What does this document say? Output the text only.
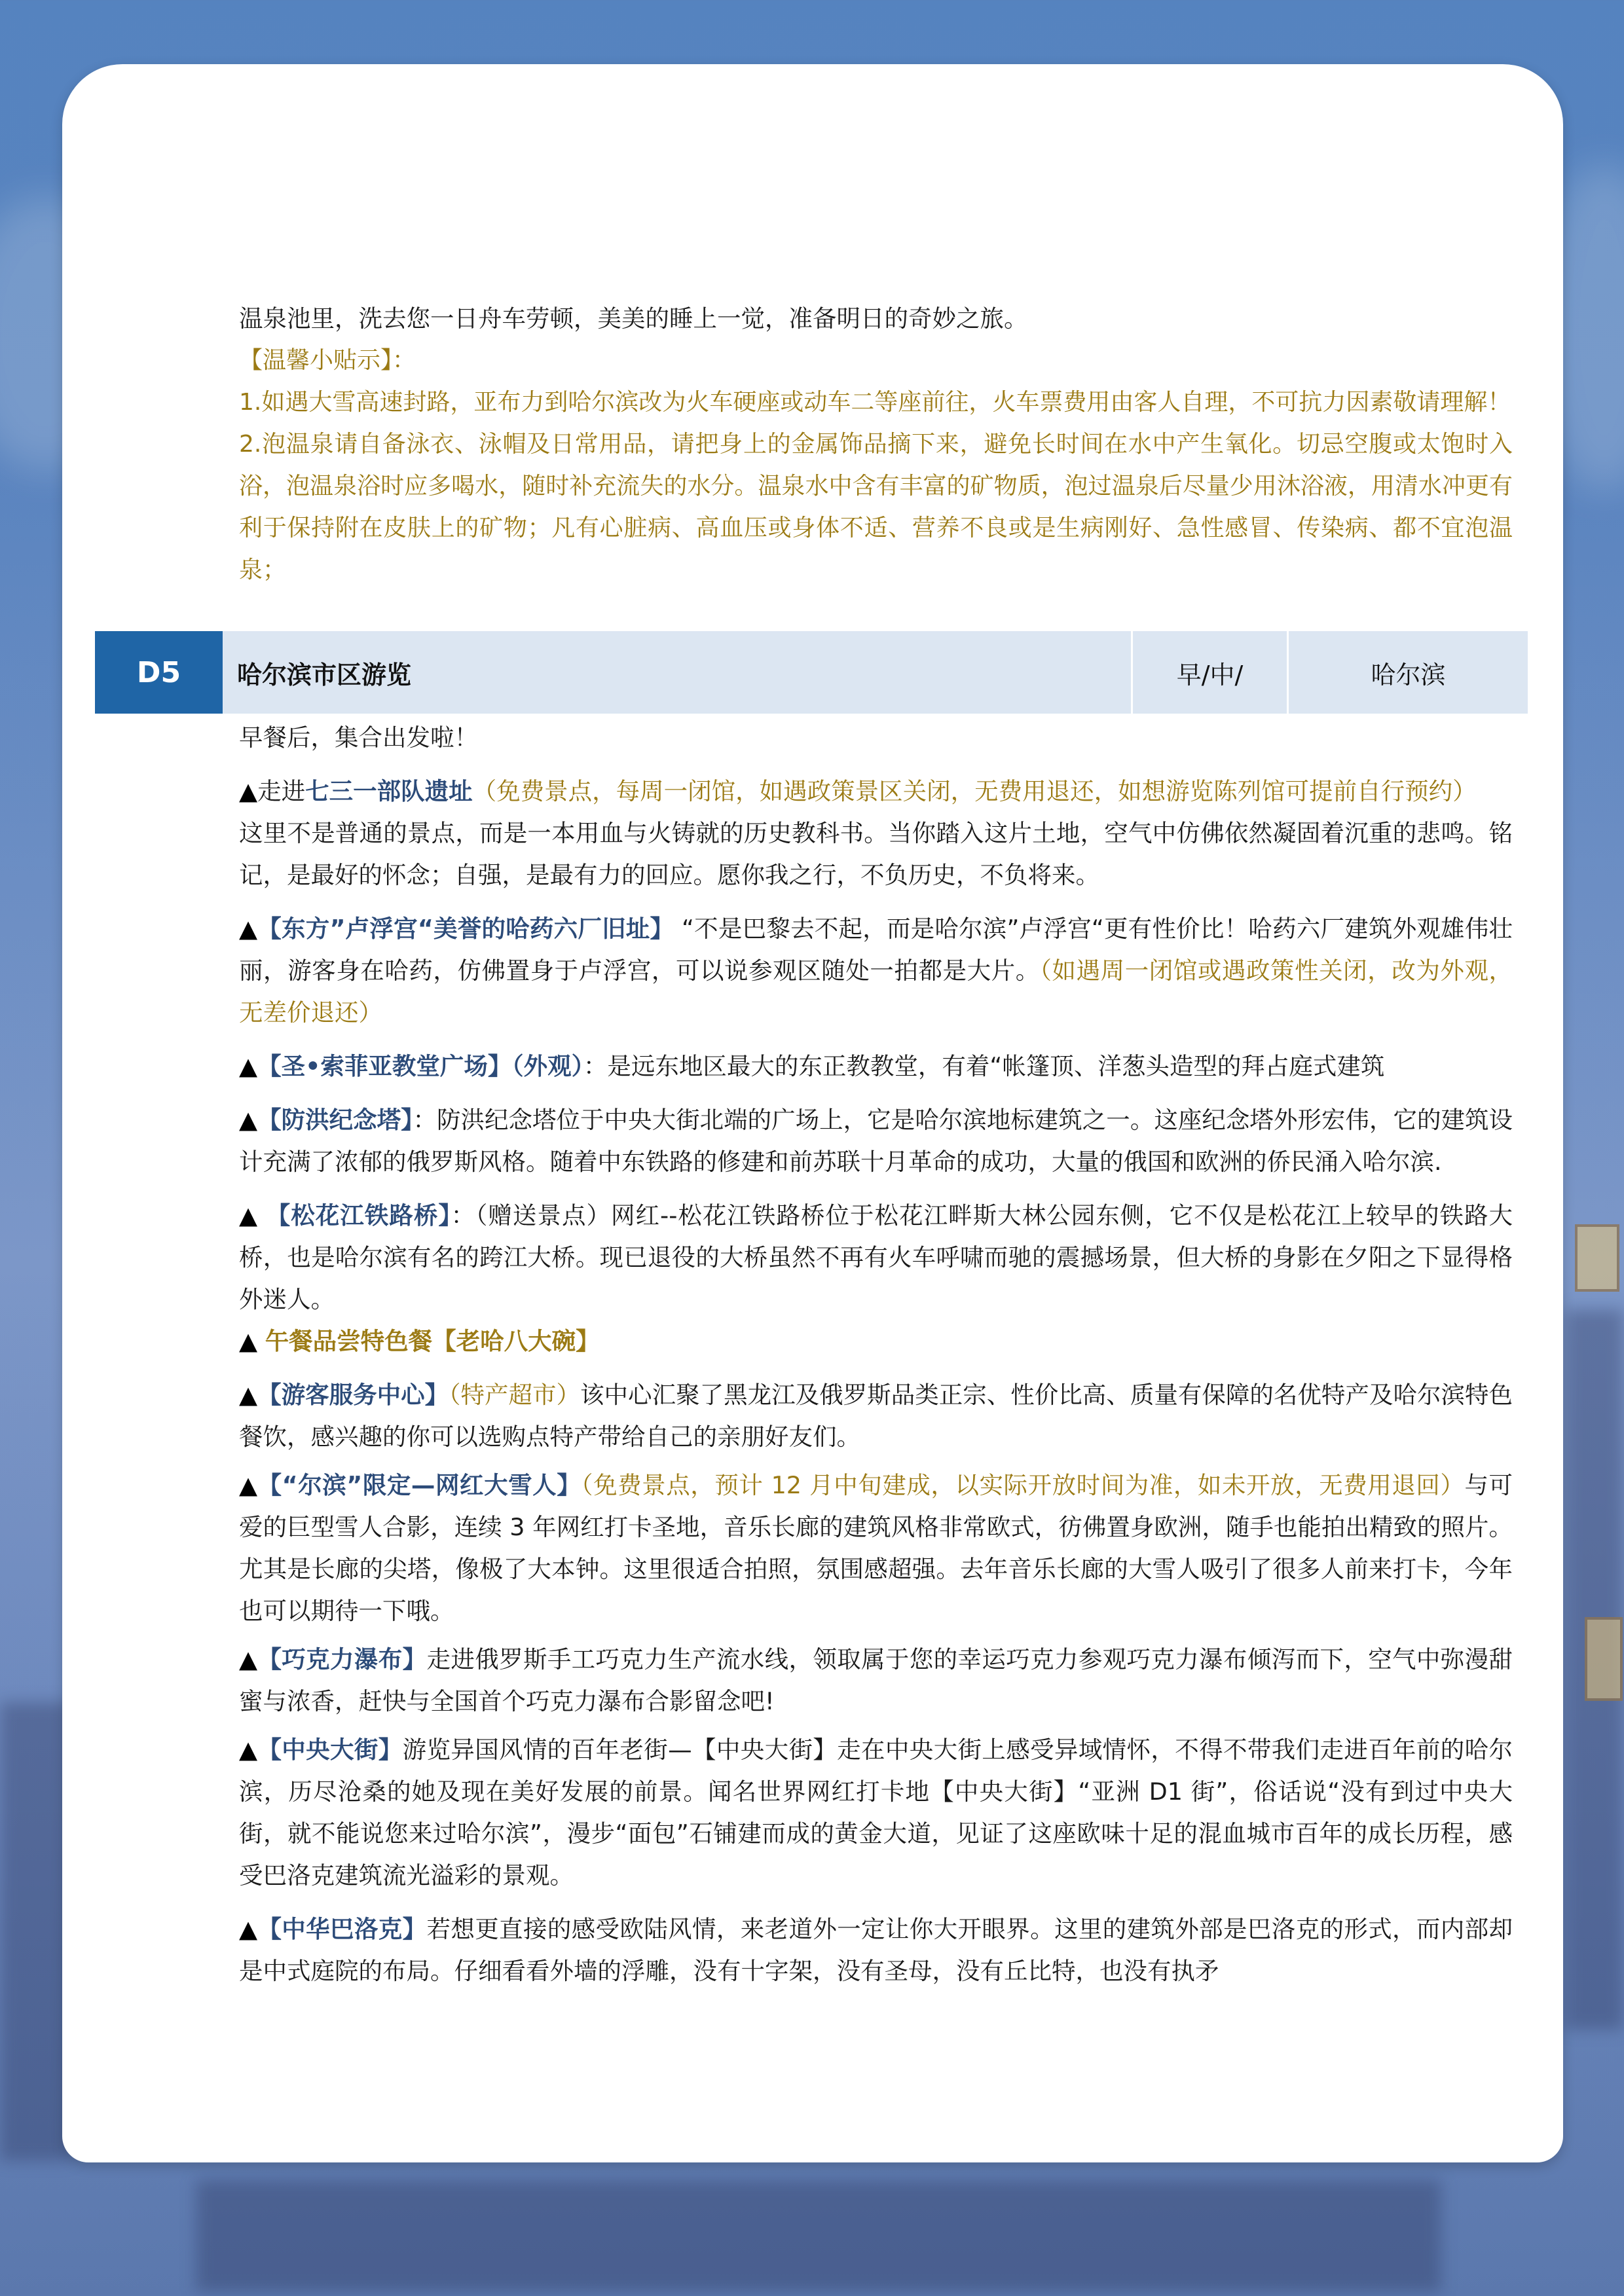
温泉池里，洗去您一日舟车劳顿，美美的睡上一觉，准备明日的奇妙之旅。

【温馨小贴示】：

1.如遇大雪高速封路，亚布力到哈尔滨改为火车硬座或动车二等座前往，火车票费用由客人自理，不可抗力因素敬请理解！

2.泡温泉请自备泳衣、泳帽及日常用品，请把身上的金属饰品摘下来，避免长时间在水中产生氧化。切忌空腹或太饱时入浴，泡温泉浴时应多喝水，随时补充流失的水分。温泉水中含有丰富的矿物质，泡过温泉后尽量少用沐浴液，用清水冲更有利于保持附在皮肤上的矿物；凡有心脏病、高血压或身体不适、营养不良或是生病刚好、急性感冒、传染病、都不宜泡温泉；

D5	哈尔滨市区游览	早/中/	哈尔滨

早餐后，集合出发啦！

▲走进七三一部队遗址（免费景点，每周一闭馆，如遇政策景区关闭，无费用退还，如想游览陈列馆可提前自行预约）
这里不是普通的景点，而是一本用血与火铸就的历史教科书。当你踏入这片土地，空气中仿佛依然凝固着沉重的悲鸣。铭记，是最好的怀念；自强，是最有力的回应。愿你我之行，不负历史，不负将来。

▲【东方”卢浮宫“美誉的哈药六厂旧址】 “不是巴黎去不起，而是哈尔滨”卢浮宫“更有性价比！哈药六厂建筑外观雄伟壮丽，游客身在哈药，仿佛置身于卢浮宫，可以说参观区随处一拍都是大片。（如遇周一闭馆或遇政策性关闭，改为外观，无差价退还）

▲【圣•索菲亚教堂广场】（外观）：是远东地区最大的东正教教堂，有着“帐篷顶、洋葱头造型的拜占庭式建筑

▲【防洪纪念塔】：防洪纪念塔位于中央大街北端的广场上，它是哈尔滨地标建筑之一。这座纪念塔外形宏伟，它的建筑设计充满了浓郁的俄罗斯风格。随着中东铁路的修建和前苏联十月革命的成功，大量的俄国和欧洲的侨民涌入哈尔滨.

▲ 【松花江铁路桥】：（赠送景点）网红--松花江铁路桥位于松花江畔斯大林公园东侧，它不仅是松花江上较早的铁路大桥，也是哈尔滨有名的跨江大桥。现已退役的大桥虽然不再有火车呼啸而驰的震撼场景，但大桥的身影在夕阳之下显得格外迷人。

▲ 午餐品尝特色餐【老哈八大碗】

▲【游客服务中心】（特产超市）该中心汇聚了黑龙江及俄罗斯品类正宗、性价比高、质量有保障的名优特产及哈尔滨特色餐饮，感兴趣的你可以选购点特产带给自己的亲朋好友们。

▲【“尔滨”限定—网红大雪人】（免费景点，预计 12 月中旬建成，以实际开放时间为准，如未开放，无费用退回）与可爱的巨型雪人合影，连续 3 年网红打卡圣地，音乐长廊的建筑风格非常欧式，彷佛置身欧洲，随手也能拍出精致的照片。尤其是长廊的尖塔，像极了大本钟。这里很适合拍照，氛围感超强。去年音乐长廊的大雪人吸引了很多人前来打卡，今年也可以期待一下哦。

▲【巧克力瀑布】走进俄罗斯手工巧克力生产流水线，领取属于您的幸运巧克力参观巧克力瀑布倾泻而下，空气中弥漫甜蜜与浓香，赶快与全国首个巧克力瀑布合影留念吧!

▲【中央大街】游览异国风情的百年老街—【中央大街】走在中央大街上感受异域情怀，不得不带我们走进百年前的哈尔滨，历尽沧桑的她及现在美好发展的前景。闻名世界网红打卡地【中央大街】“亚洲 D1 街”，俗话说“没有到过中央大街，就不能说您来过哈尔滨”，漫步“面包”石铺建而成的黄金大道，见证了这座欧味十足的混血城市百年的成长历程，感受巴洛克建筑流光溢彩的景观。

▲【中华巴洛克】若想更直接的感受欧陆风情，来老道外一定让你大开眼界。这里的建筑外部是巴洛克的形式，而内部却是中式庭院的布局。仔细看看外墙的浮雕，没有十字架，没有圣母，没有丘比特，也没有执矛
